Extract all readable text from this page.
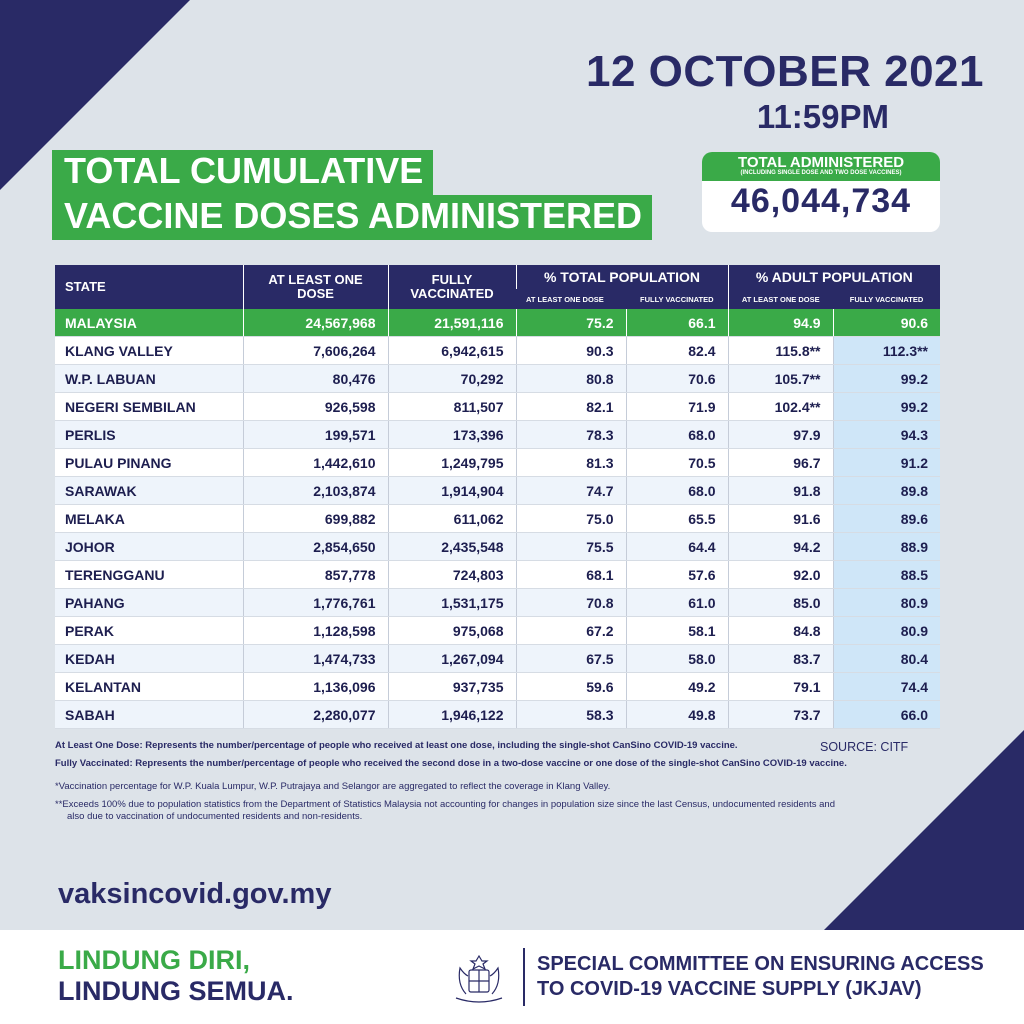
12 OCTOBER 2021
11:59PM
TOTAL CUMULATIVE
VACCINE DOSES ADMINISTERED
TOTAL ADMINISTERED
(INCLUDING SINGLE DOSE AND TWO DOSE VACCINES)
46,044,734
STATE	AT LEAST ONE DOSE	FULLY VACCINATED	% TOTAL POPULATION		% ADULT POPULATION	
			AT LEAST ONE DOSE	FULLY VACCINATED	AT LEAST ONE DOSE	FULLY VACCINATED
MALAYSIA	24,567,968	21,591,116	75.2	66.1	94.9	90.6
KLANG VALLEY	7,606,264	6,942,615	90.3	82.4	115.8**	112.3**
W.P. LABUAN	80,476	70,292	80.8	70.6	105.7**	99.2
NEGERI SEMBILAN	926,598	811,507	82.1	71.9	102.4**	99.2
PERLIS	199,571	173,396	78.3	68.0	97.9	94.3
PULAU PINANG	1,442,610	1,249,795	81.3	70.5	96.7	91.2
SARAWAK	2,103,874	1,914,904	74.7	68.0	91.8	89.8
MELAKA	699,882	611,062	75.0	65.5	91.6	89.6
JOHOR	2,854,650	2,435,548	75.5	64.4	94.2	88.9
TERENGGANU	857,778	724,803	68.1	57.6	92.0	88.5
PAHANG	1,776,761	1,531,175	70.8	61.0	85.0	80.9
PERAK	1,128,598	975,068	67.2	58.1	84.8	80.9
KEDAH	1,474,733	1,267,094	67.5	58.0	83.7	80.4
KELANTAN	1,136,096	937,735	59.6	49.2	79.1	74.4
SABAH	2,280,077	1,946,122	58.3	49.8	73.7	66.0

At Least One Dose: Represents the number/percentage of people who received at least one dose, including the single-shot CanSino COVID-19 vaccine.

Fully Vaccinated: Represents the number/percentage of people who received the second dose in a two-dose vaccine or one dose of the single-shot CanSino COVID-19 vaccine.

*Vaccination percentage for W.P. Kuala Lumpur, W.P. Putrajaya and Selangor are aggregated to reflect the coverage in Klang Valley.

**Exceeds 100% due to population statistics from the Department of Statistics Malaysia not accounting for changes in population size since the last Census, undocumented residents and also due to vaccination of undocumented residents and non-residents.

SOURCE: CITF
vaksincovid.gov.my
LINDUNG DIRI,
LINDUNG SEMUA.
SPECIAL COMMITTEE ON ENSURING ACCESS
TO COVID-19 VACCINE SUPPLY (JKJAV)
